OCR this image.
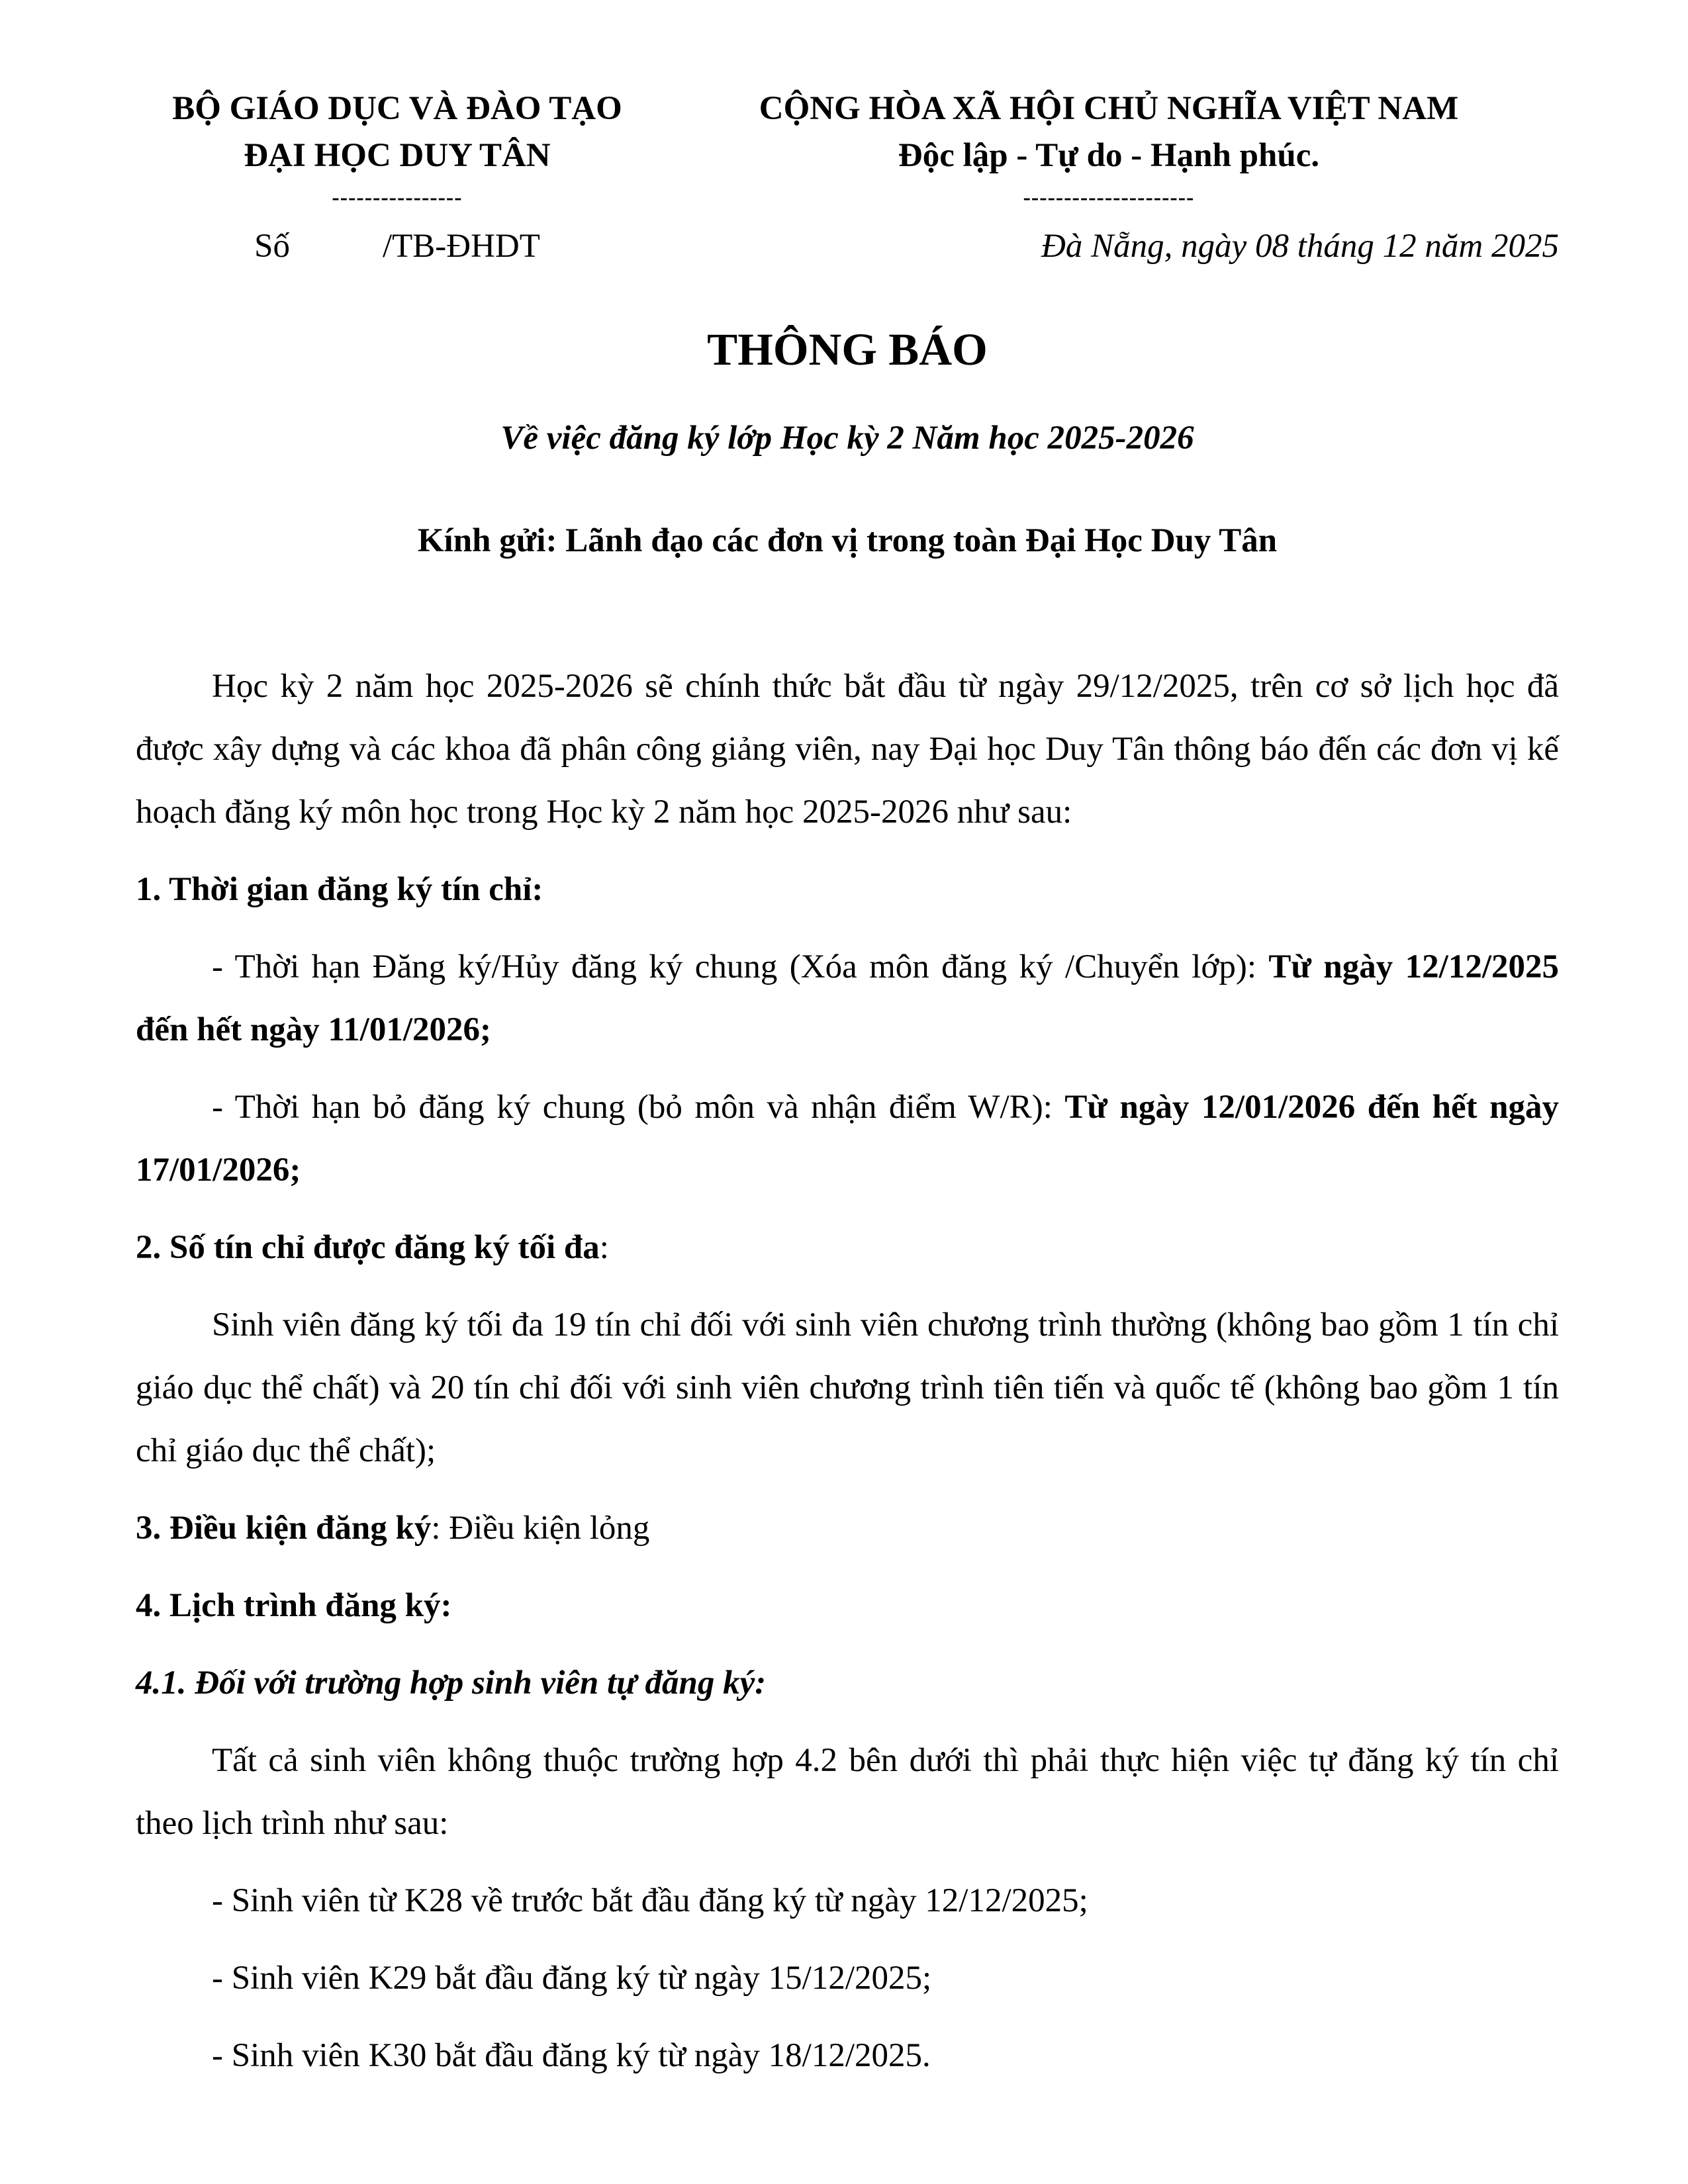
BỘ GIÁO DỤC VÀ ĐÀO TẠO
ĐẠI HỌC DUY TÂN
----------------
Số	/TB-ĐHDT
CỘNG HÒA XÃ HỘI CHỦ NGHĨA VIỆT NAM
Độc lập - Tự do - Hạnh phúc.
---------------------
Đà Nẵng, ngày 08 tháng 12 năm 2025
THÔNG BÁO
Về việc đăng ký lớp Học kỳ 2 Năm học 2025-2026
Kính gửi: Lãnh đạo các đơn vị trong toàn Đại Học Duy Tân

Học kỳ 2 năm học 2025-2026 sẽ chính thức bắt đầu từ ngày 29/12/2025, trên cơ sở lịch học đã được xây dựng và các khoa đã phân công giảng viên, nay Đại học Duy Tân thông báo đến các đơn vị kế hoạch đăng ký môn học trong Học kỳ 2 năm học 2025-2026 như sau:

1. Thời gian đăng ký tín chỉ:

- Thời hạn Đăng ký/Hủy đăng ký chung (Xóa môn đăng ký /Chuyển lớp): Từ ngày 12/12/2025 đến hết ngày 11/01/2026;

- Thời hạn bỏ đăng ký chung (bỏ môn và nhận điểm W/R): Từ ngày 12/01/2026 đến hết ngày 17/01/2026;

2. Số tín chỉ được đăng ký tối đa:

Sinh viên đăng ký tối đa 19 tín chỉ đối với sinh viên chương trình thường (không bao gồm 1 tín chỉ giáo dục thể chất) và 20 tín chỉ đối với sinh viên chương trình tiên tiến và quốc tế (không bao gồm 1 tín chỉ giáo dục thể chất);

3. Điều kiện đăng ký: Điều kiện lỏng

4. Lịch trình đăng ký:

4.1. Đối với trường hợp sinh viên tự đăng ký:

Tất cả sinh viên không thuộc trường hợp 4.2 bên dưới thì phải thực hiện việc tự đăng ký tín chỉ theo lịch trình như sau:

- Sinh viên từ K28 về trước bắt đầu đăng ký từ ngày 12/12/2025;

- Sinh viên K29 bắt đầu đăng ký từ ngày 15/12/2025;

- Sinh viên K30 bắt đầu đăng ký từ ngày 18/12/2025.
